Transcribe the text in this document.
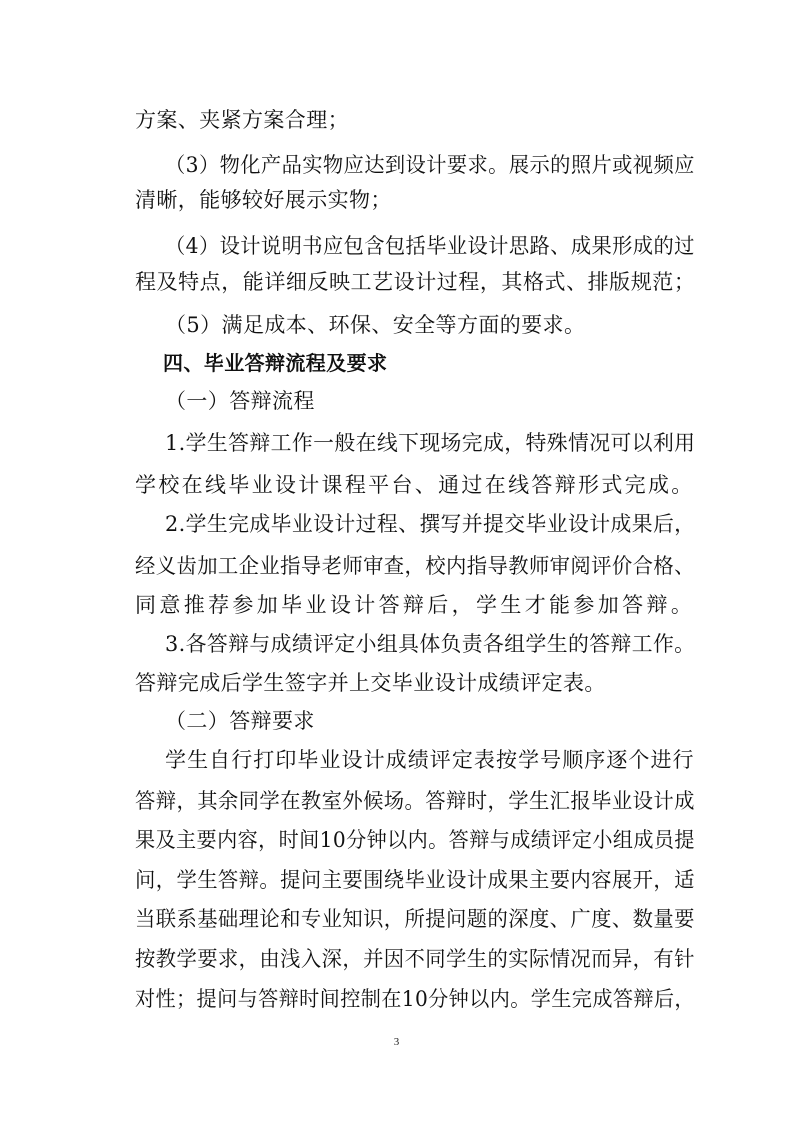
方案、夹紧方案合理；
（3）物化产品实物应达到设计要求。展示的照片或视频应
清晰，能够较好展示实物；
（4）设计说明书应包含包括毕业设计思路、成果形成的过
程及特点，能详细反映工艺设计过程，其格式、排版规范；
（5）满足成本、环保、安全等方面的要求。
四、毕业答辩流程及要求
（一）答辩流程
1.学生答辩工作一般在线下现场完成，特殊情况可以利用
学校在线毕业设计课程平台、通过在线答辩形式完成。
2.学生完成毕业设计过程、撰写并提交毕业设计成果后，
经义齿加工企业指导老师审查，校内指导教师审阅评价合格、
同意推荐参加毕业设计答辩后，学生才能参加答辩。
3.各答辩与成绩评定小组具体负责各组学生的答辩工作。
答辩完成后学生签字并上交毕业设计成绩评定表。
（二）答辩要求
学生自行打印毕业设计成绩评定表按学号顺序逐个进行
答辩，其余同学在教室外候场。答辩时，学生汇报毕业设计成
果及主要内容，时间10分钟以内。答辩与成绩评定小组成员提
问，学生答辩。提问主要围绕毕业设计成果主要内容展开，适
当联系基础理论和专业知识，所提问题的深度、广度、数量要
按教学要求，由浅入深，并因不同学生的实际情况而异，有针
对性；提问与答辩时间控制在10分钟以内。学生完成答辩后，
3
